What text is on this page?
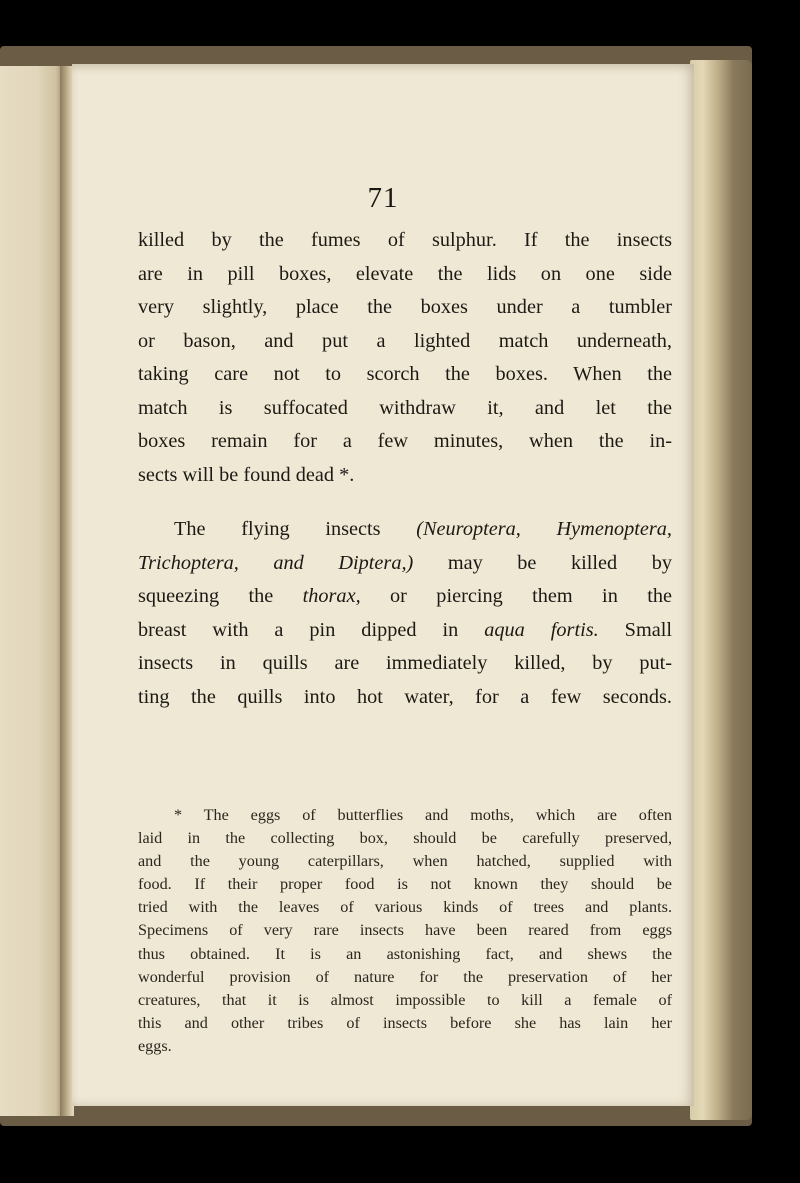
71

killed by the fumes of sulphur. If the insects
are in pill boxes, elevate the lids on one side
very slightly, place the boxes under a tumbler
or bason, and put a lighted match underneath,
taking care not to scorch the boxes. When the
match is suffocated withdraw it, and let the
boxes remain for a few minutes, when the in-
sects will be found dead *.

The flying insects (Neuroptera, Hymenoptera,
Trichoptera, and Diptera,) may be killed by
squeezing the thorax, or piercing them in the
breast with a pin dipped in aqua fortis. Small
insects in quills are immediately killed, by put-
ting the quills into hot water, for a few seconds.

* The eggs of butterflies and moths, which are often
laid in the collecting box, should be carefully preserved,
and the young caterpillars, when hatched, supplied with
food. If their proper food is not known they should be
tried with the leaves of various kinds of trees and plants.
Specimens of very rare insects have been reared from eggs
thus obtained. It is an astonishing fact, and shews the
wonderful provision of nature for the preservation of her
creatures, that it is almost impossible to kill a female of
this and other tribes of insects before she has lain her
eggs.
